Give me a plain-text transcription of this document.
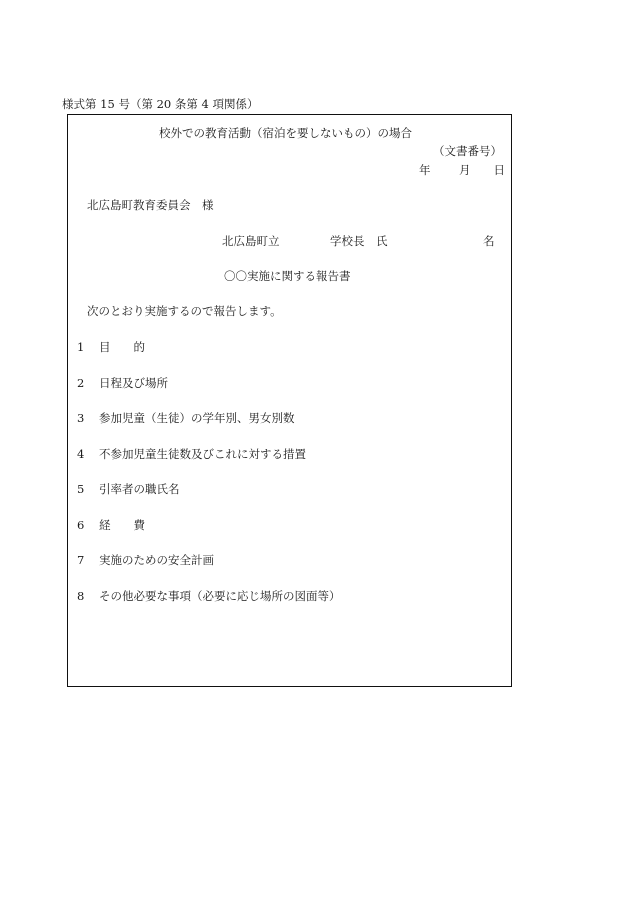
様式第 15 号（第 20 条第 4 項関係）
校外での教育活動（宿泊を要しないもの）の場合
（文書番号）
年 月 日
北広島町教育委員会　様
北広島町立	学校長　氏	名
〇〇実施に関する報告書
次のとおり実施するので報告します。
1 目　　的
2 日程及び場所
3 参加児童（生徒）の学年別、男女別数
4 不参加児童生徒数及びこれに対する措置
5 引率者の職氏名
6 経　　費
7 実施のための安全計画
8 その他必要な事項（必要に応じ場所の図面等）
